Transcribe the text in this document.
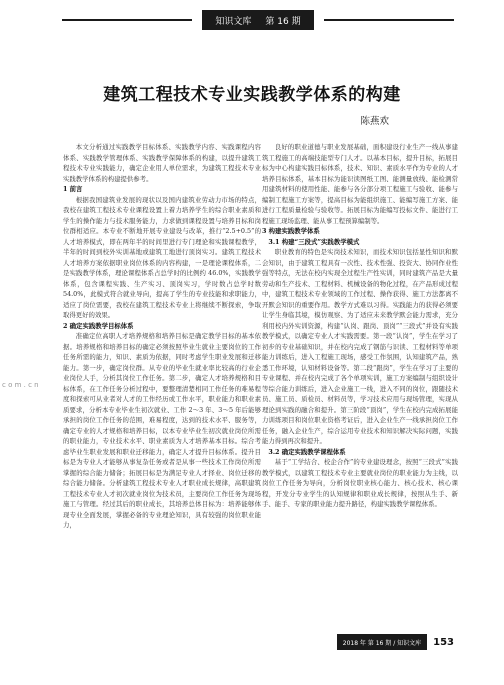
知识文库 第 16 期
建筑工程技术专业实践教学体系的构建
陈燕欢

本文分析通过实践教学目标体系、实践教学内容、实践课程内容体系、实践教学管理体系、实践教学保障体系的构建，以提升建筑工程技术专业实践能力，确定企业用人单位需求，为建筑工程技术专业实践教学体系的构建提供参考。

1 前言

根据我国建筑业发展的现状以及国内建筑业劳动力市场的特点，我校在建筑工程技术专业课程设置上着力培养学生的综合职业素质和学生的操作能力与技术服务能力，力求做到课程设置与培养目标和岗位群相适应。本专业不断地开展专业建设与改革，推行“2.5+0.5”的人才培养模式，即在两年半的时间里进行专门理论和实践课程教学，半年的时间到校外实训基地或建筑工地进行顶岗实习。建筑工程技术人才培养方案依据职业岗位体系的内容构建，一是理论课程体系，二是实践教学体系，理论课程体系占总学时的比例约 46.0%，实践教学体系，包含课程实践、生产实习、顶岗实习，学时数占总学时数 54.0%，此模式符合就业导向，提高了学生的专业技能和求职能力，适应了岗位需要，我校在建筑工程技术专业上将继续不断探索，争取取得更好的效果。

2 确定实践教学目标体系

准确定位高职人才培养规格和培养目标是确定教学目标的基本依据。培养规格和培养目标的确定必须按照毕业生就业主要岗位的工作任务所需的能力，知识、素质为依据，同时考虑学生职业发展和迁移能力。第一步，确定岗位群。从专业的毕业生就业率比较高的行业企业岗位人手，分析其岗位工作任务。第二步，确定人才培养规格和目标体系，在工作任务分析过程中，要整理清楚相同工作任务的难易程度和探索可从业者对人才的工作经历或工作水平，职业能力和职业素质要求，分析本专业毕业生初次就业、工作 2～3 年、3～5 年后能够承担的岗位工作任务的范围，难易程度，达到的技术水平、服务等，确定专业的人才规格和培养目标，以本专业毕业生初次就业岗位所需的职业能力，专业技术水平、职业素质为人才培养基本目标。综合考虑毕业生职业发展和职业迁移能力，确定人才提升目标体系。提升目标是为专业人才能够从事复杂任务或者是从事一些技术工作岗位所需掌握的综合能力储备；拓展目标是为满足专业人才择业、岗位迁移的综合能力储备。分析建筑工程技术专业人才职业成长规律，高职建筑工程技术专业人才初次就业岗位为技术员，主要岗位工作任务为现场施工与管理。经过其后的职业成长，其培养总体目标为：培养能够体现专业全面发展，掌握必备的专业理论知识，具有较强的岗位职业能力，

良好的职业道德与职业发展基础，面积建设行业生产一线从事建筑工程施工的高端技能型专门人才。以基本目标，提升目标，拓展目标为中心构建实践目标体系，技术、知识、素质水平作为专业的人才培养目标体系，基本目标为能识读图纸工图、能测量放线、能检测常用建筑材料的使用性能、能参与各分部分项工程施工与验收、能参与编制工程施工方案等，提高目标为能组织施工、能编写施工方案、能进行工程质量检验与验收等。拓展目标为能编写投标文件、能进行工程施工现场监理、能从事工程预算编制等。

3 构建实践教学体系

3.1 构建“三段式”实践教学模式

职业教育的特色是实岗技术知识，而技术知识包括显性知识和默会知识，由于建筑工程具有一次性、技术性强、投资大、协同作业性强等特点，无法在校内实现全过程生产性实训，同时建筑产品是大量劳动和生产技术、工程材料、机械设备的物化过程，在产品形成过程中，建筑工程技术专业领域的工作过程、操作获得、施工方法都离不开默会知识的重要作用。教学方式难以习得。实践能力的获得必须要让学生身临其境，模仿观察、为了适应未来教学默会能力需求，充分利用校内外实训资源，构建“认岗、跟岗、顶岗”“三段式”并设有实践教学模式，以确定专业人才实践需要。第一段“认岗”，学生在学习了初步的专业基础知识，并在校内完成了钢筋与识读、工程材料等单项能力训练后，进入工程施工现场，感受工作氛围，认知建筑产品，熟悉工作环境，认知材料设备等。第二段“跟岗”，学生在学习了主要的专业课程、并在校内完成了各个单项实训，施工方案编制与组织设计等综合能力训练后，进入企业施工一线，进入不同的岗位，跟随技术员、施工员、质检员、材料员等，学习技术应用与现场管理，实现从理论到实践的融合和提升。第三阶段“顶岗”，学生在校内完成拓展能力训练项目和岗位职业资格考证后，进入企业生产一线承担岗位工作任务，融入企业生产，综合运用专业技术和知识解决实际问题，实践能力得到再次和提升。

3.2 确定实践教学课程体系

基于“工学结合、校企合作”的专业建设理念，按照“三段式”实践教学模式，以建筑工程技术专业主要就业岗位的职业能力为主线，以岗位工作任务为导向，分析岗位职业核心能力、核心技术、核心课程，开发分专业学生的认知规律和职业成长规律，按照从生手、新手、能手、专家的职业能力提升路径，构建实践教学课程体系。

c o m . c n
2018 年 第 16 期 / 知识文库	153
